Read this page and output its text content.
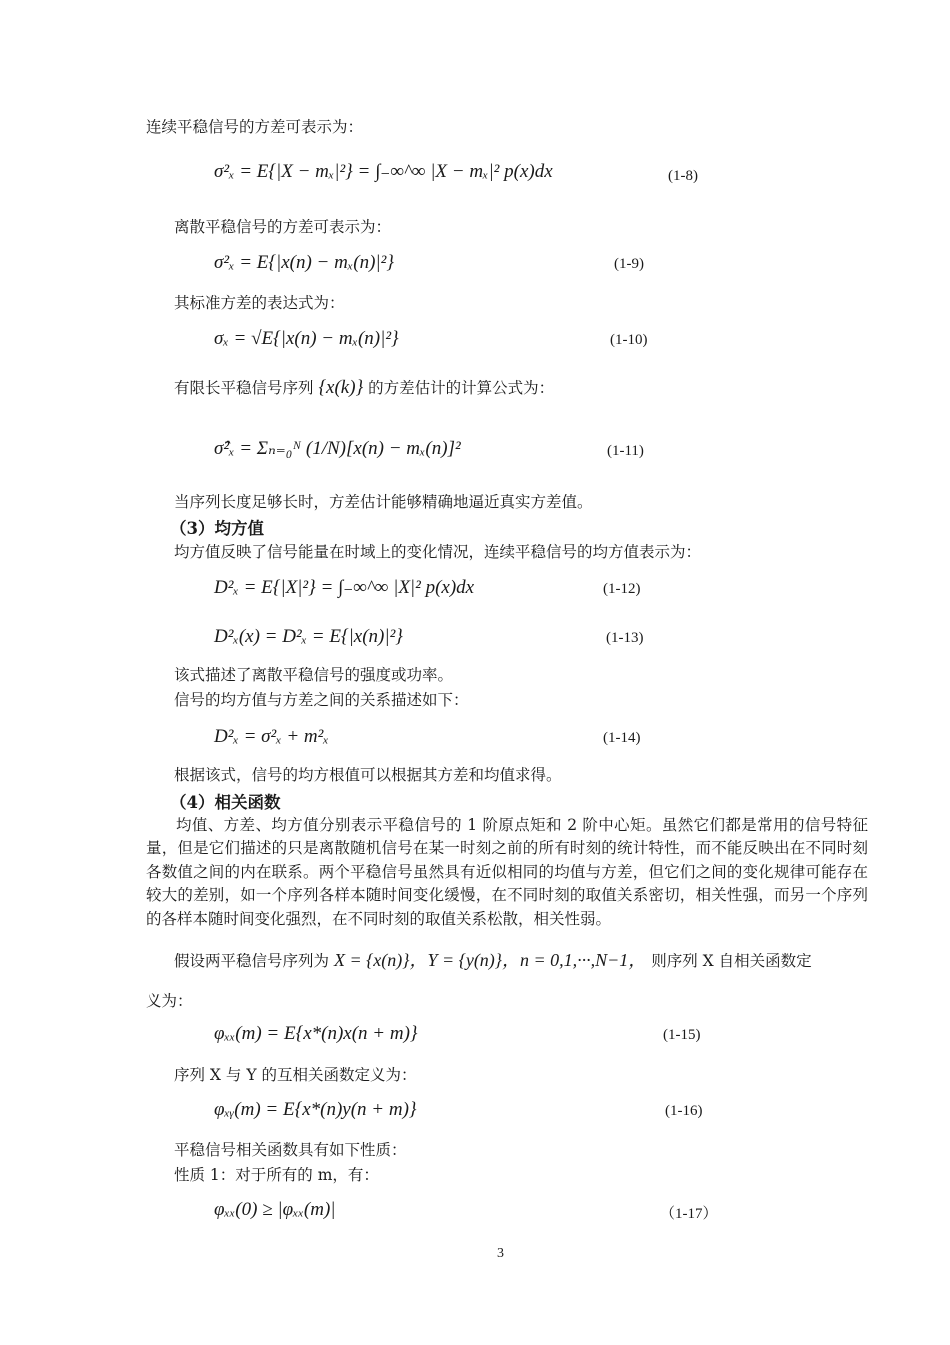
连续平稳信号的方差可表示为：
σ²ₓ = E{|X − mₓ|²} = ∫₋∞^∞ |X − mₓ|² p(x)dx	(1-8)
离散平稳信号的方差可表示为：
σ²ₓ = E{|x(n) − mₓ(n)|²}	(1-9)
其标准方差的表达式为：
σₓ = √E{|x(n) − mₓ(n)|²}	(1-10)
有限长平稳信号序列 {x(k)} 的方差估计的计算公式为：
σ̂²ₓ = Σₙ₌₀ᴺ (1/N)[x(n) − mₓ(n)]²	(1-11)
当序列长度足够长时，方差估计能够精确地逼近真实方差值。
（3）均方值
均方值反映了信号能量在时域上的变化情况，连续平稳信号的均方值表示为：
D²ₓ = E{|X|²} = ∫₋∞^∞ |X|² p(x)dx	(1-12)
D²ₓ(x) = D²ₓ = E{|x(n)|²}	(1-13)
该式描述了离散平稳信号的强度或功率。
信号的均方值与方差之间的关系描述如下：
D²ₓ = σ²ₓ + m²ₓ	(1-14)
根据该式，信号的均方根值可以根据其方差和均值求得。
（4）相关函数
均值、方差、均方值分别表示平稳信号的 1 阶原点矩和 2 阶中心矩。虽然它们都是常用的信号特征量，但是它们描述的只是离散随机信号在某一时刻之前的所有时刻的统计特性，而不能反映出在不同时刻各数值之间的内在联系。两个平稳信号虽然具有近似相同的均值与方差，但它们之间的变化规律可能存在较大的差别，如一个序列各样本随时间变化缓慢，在不同时刻的取值关系密切，相关性强，而另一个序列的各样本随时间变化强烈，在不同时刻的取值关系松散，相关性弱。
假设两平稳信号序列为 X = {x(n)}，Y = {y(n)}，n = 0,1,···,N−1， 则序列 X 自相关函数定
义为：
φₓₓ(m) = E{x*(n)x(n + m)}	(1-15)
序列 X 与 Y 的互相关函数定义为：
φₓᵧ(m) = E{x*(n)y(n + m)}	(1-16)
平稳信号相关函数具有如下性质：
性质 1：对于所有的 m，有：
φₓₓ(0) ≥ |φₓₓ(m)|	（1-17）
3
